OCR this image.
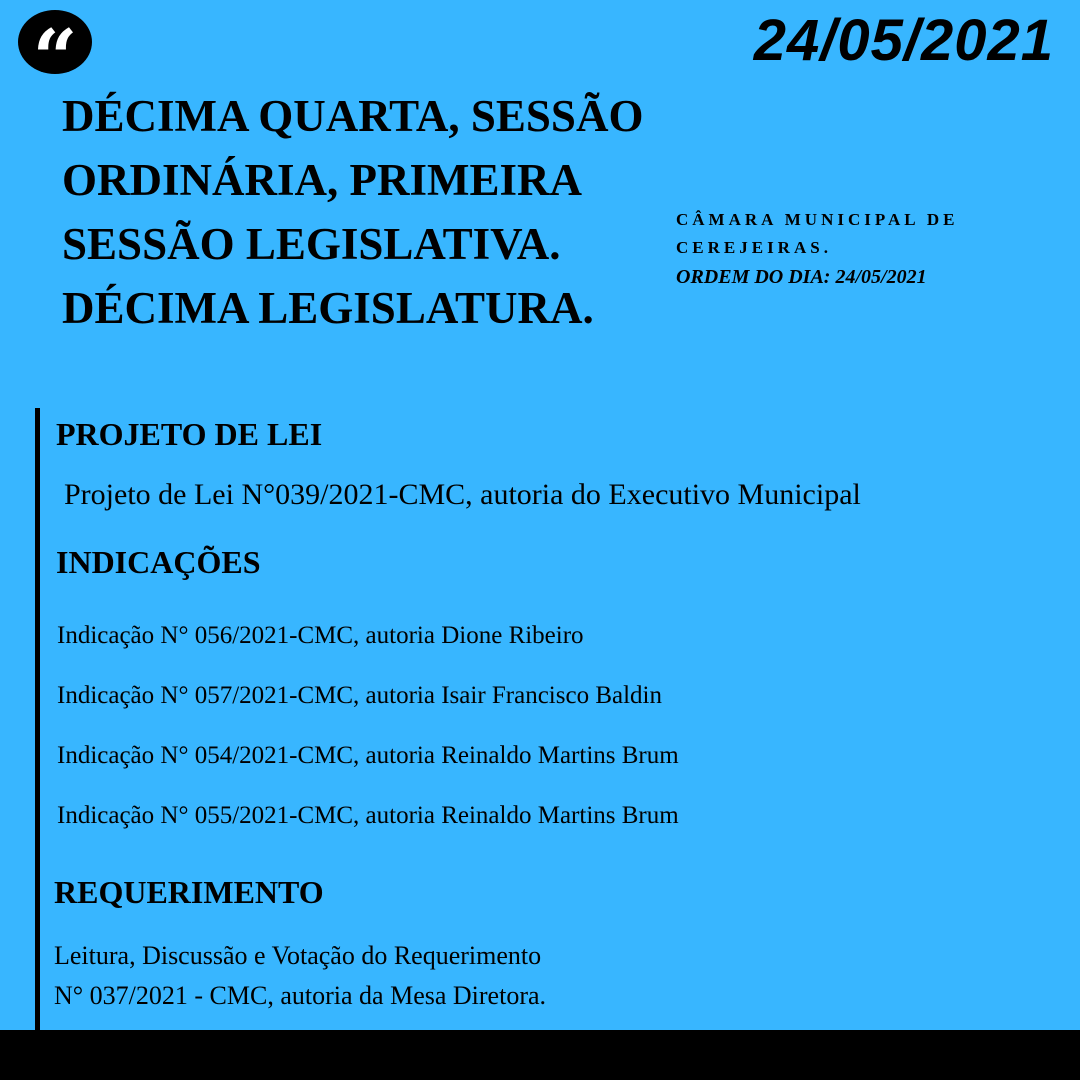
“	24/05/2021
DÉCIMA QUARTA, SESSÃO
ORDINÁRIA, PRIMEIRA
SESSÃO LEGISLATIVA.
DÉCIMA LEGISLATURA.
CÂMARA MUNICIPAL DE
CEREJEIRAS.
ORDEM DO DIA: 24/05/2021
PROJETO DE LEI
Projeto de Lei N°039/2021-CMC, autoria do Executivo Municipal
INDICAÇÕES
Indicação N° 056/2021-CMC, autoria Dione Ribeiro
Indicação N° 057/2021-CMC, autoria Isair Francisco Baldin
Indicação N° 054/2021-CMC, autoria Reinaldo Martins Brum
Indicação N° 055/2021-CMC, autoria Reinaldo Martins Brum
REQUERIMENTO
Leitura, Discussão e Votação do Requerimento
N° 037/2021 - CMC, autoria da Mesa Diretora.
